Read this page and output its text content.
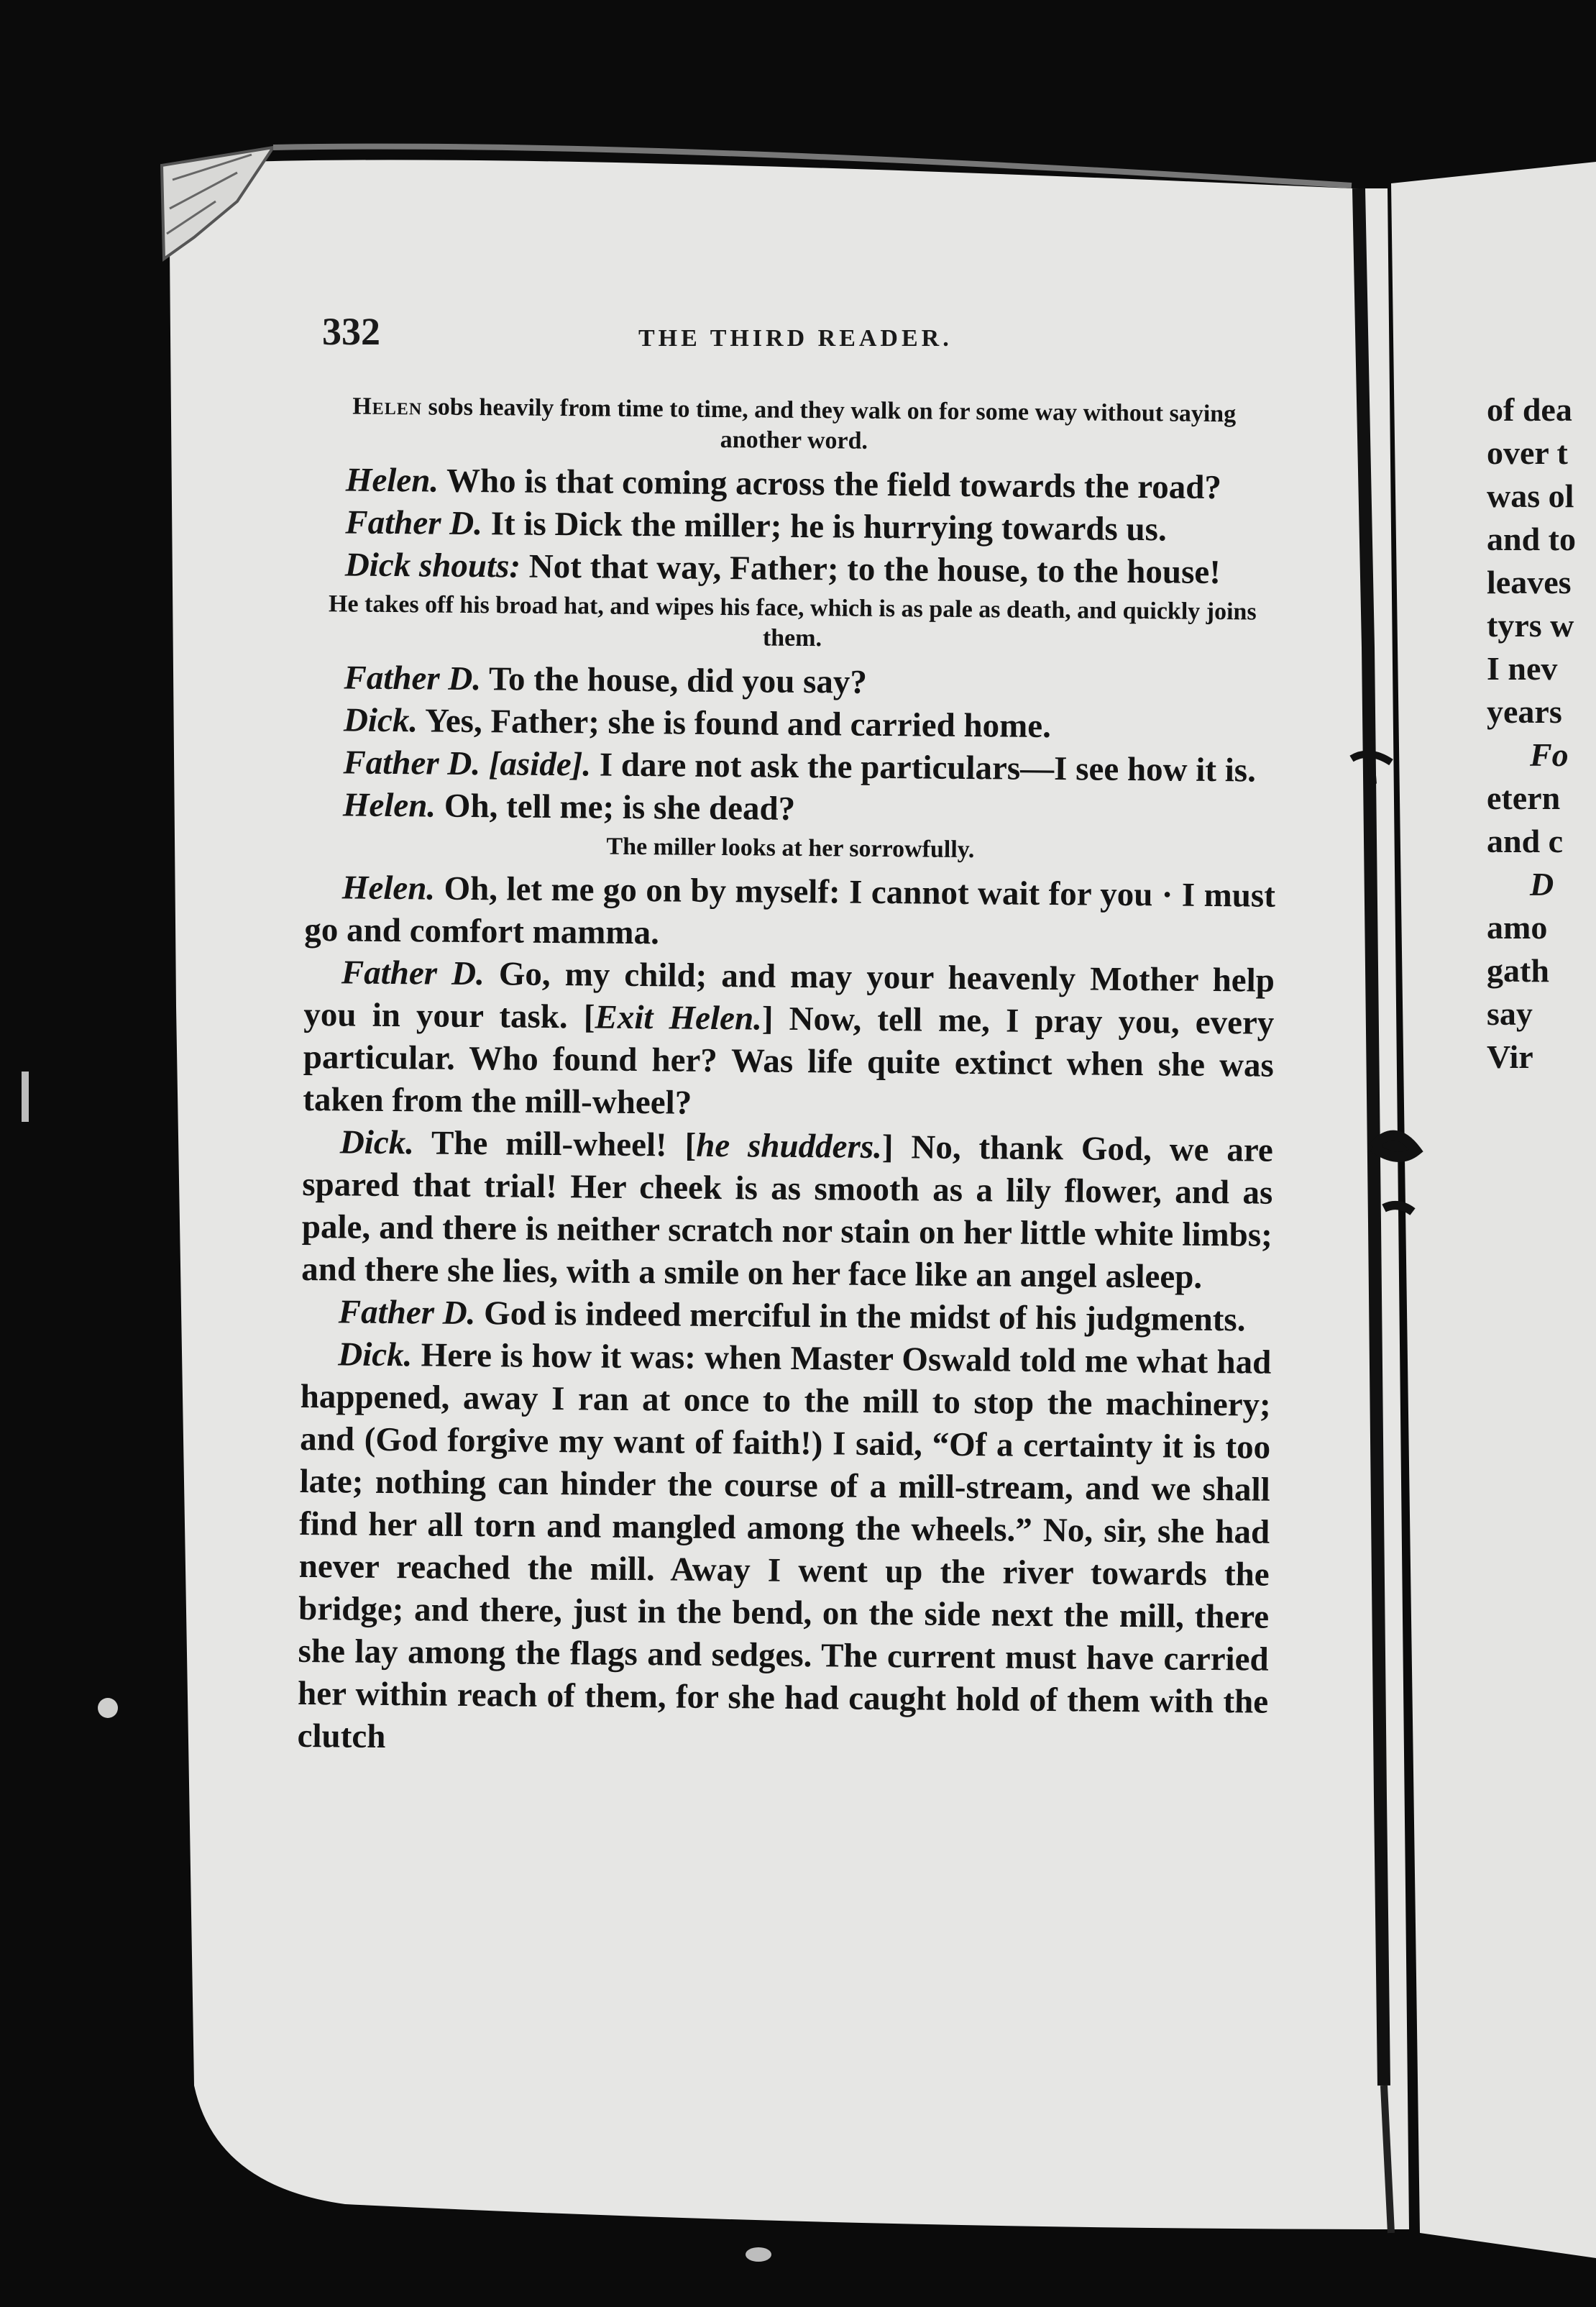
332	THE THIRD READER.

Helen sobs heavily from time to time, and they walk on for some way without saying another word.

Helen. Who is that coming across the field towards the road?

Father D. It is Dick the miller; he is hurrying towards us.

Dick shouts: Not that way, Father; to the house, to the house!

He takes off his broad hat, and wipes his face, which is as pale as death, and quickly joins them.

Father D. To the house, did you say?

Dick. Yes, Father; she is found and carried home.

Father D. [aside]. I dare not ask the particulars—I see how it is.

Helen. Oh, tell me; is she dead?

The miller looks at her sorrowfully.

Helen. Oh, let me go on by myself: I cannot wait for you · I must go and comfort mamma.

Father D. Go, my child; and may your heavenly Mother help you in your task. [Exit Helen.] Now, tell me, I pray you, every particular. Who found her? Was life quite extinct when she was taken from the mill-wheel?

Dick. The mill-wheel! [he shudders.] No, thank God, we are spared that trial! Her cheek is as smooth as a lily flower, and as pale, and there is neither scratch nor stain on her little white limbs; and there she lies, with a smile on her face like an angel asleep.

Father D. God is indeed merciful in the midst of his judgments.

Dick. Here is how it was: when Master Oswald told me what had happened, away I ran at once to the mill to stop the machinery; and (God forgive my want of faith!) I said, “Of a certainty it is too late; nothing can hinder the course of a mill-stream, and we shall find her all torn and mangled among the wheels.” No, sir, she had never reached the mill. Away I went up the river towards the bridge; and there, just in the bend, on the side next the mill, there she lay among the flags and sedges. The current must have carried her within reach of them, for she had caught hold of them with the clutch

of dea
over t
was ol
and to
leaves
tyrs w
I nev
years
Fo
etern
and c
D
amo
gath
say
Vir
